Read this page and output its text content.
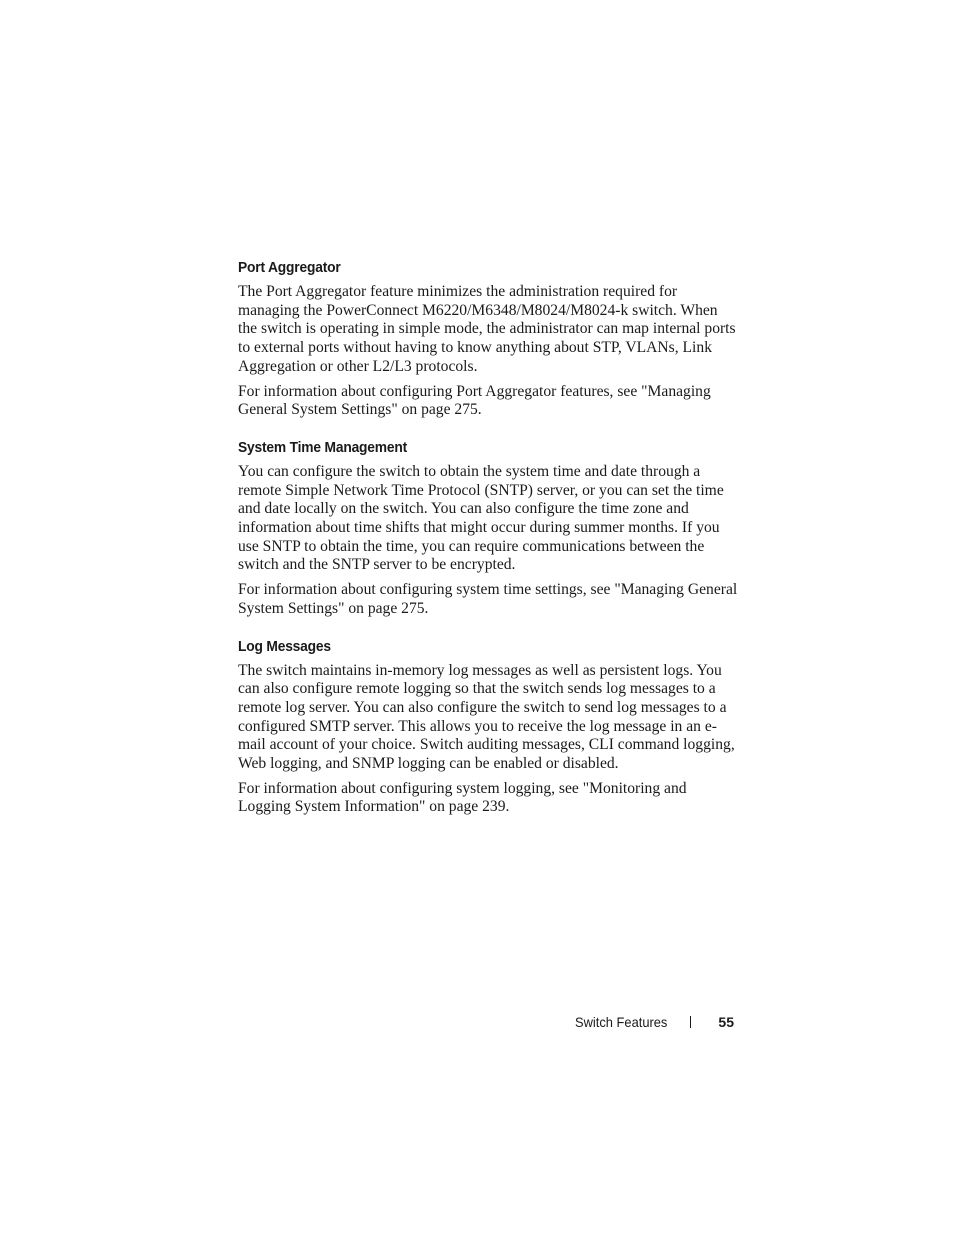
Port Aggregator

The Port Aggregator feature minimizes the administration required for managing the PowerConnect M6220/M6348/M8024/M8024-k switch. When the switch is operating in simple mode, the administrator can map internal ports to external ports without having to know anything about STP, VLANs, Link Aggregation or other L2/L3 protocols.

For information about configuring Port Aggregator features, see "Managing General System Settings" on page 275.

System Time Management

You can configure the switch to obtain the system time and date through a remote Simple Network Time Protocol (SNTP) server, or you can set the time and date locally on the switch. You can also configure the time zone and information about time shifts that might occur during summer months. If you use SNTP to obtain the time, you can require communications between the switch and the SNTP server to be encrypted.

For information about configuring system time settings, see "Managing General System Settings" on page 275.

Log Messages

The switch maintains in-memory log messages as well as persistent logs. You can also configure remote logging so that the switch sends log messages to a remote log server. You can also configure the switch to send log messages to a configured SMTP server. This allows you to receive the log message in an e-mail account of your choice. Switch auditing messages, CLI command logging, Web logging, and SNMP logging can be enabled or disabled.

For information about configuring system logging, see "Monitoring and Logging System Information" on page 239.

Switch Features	55
